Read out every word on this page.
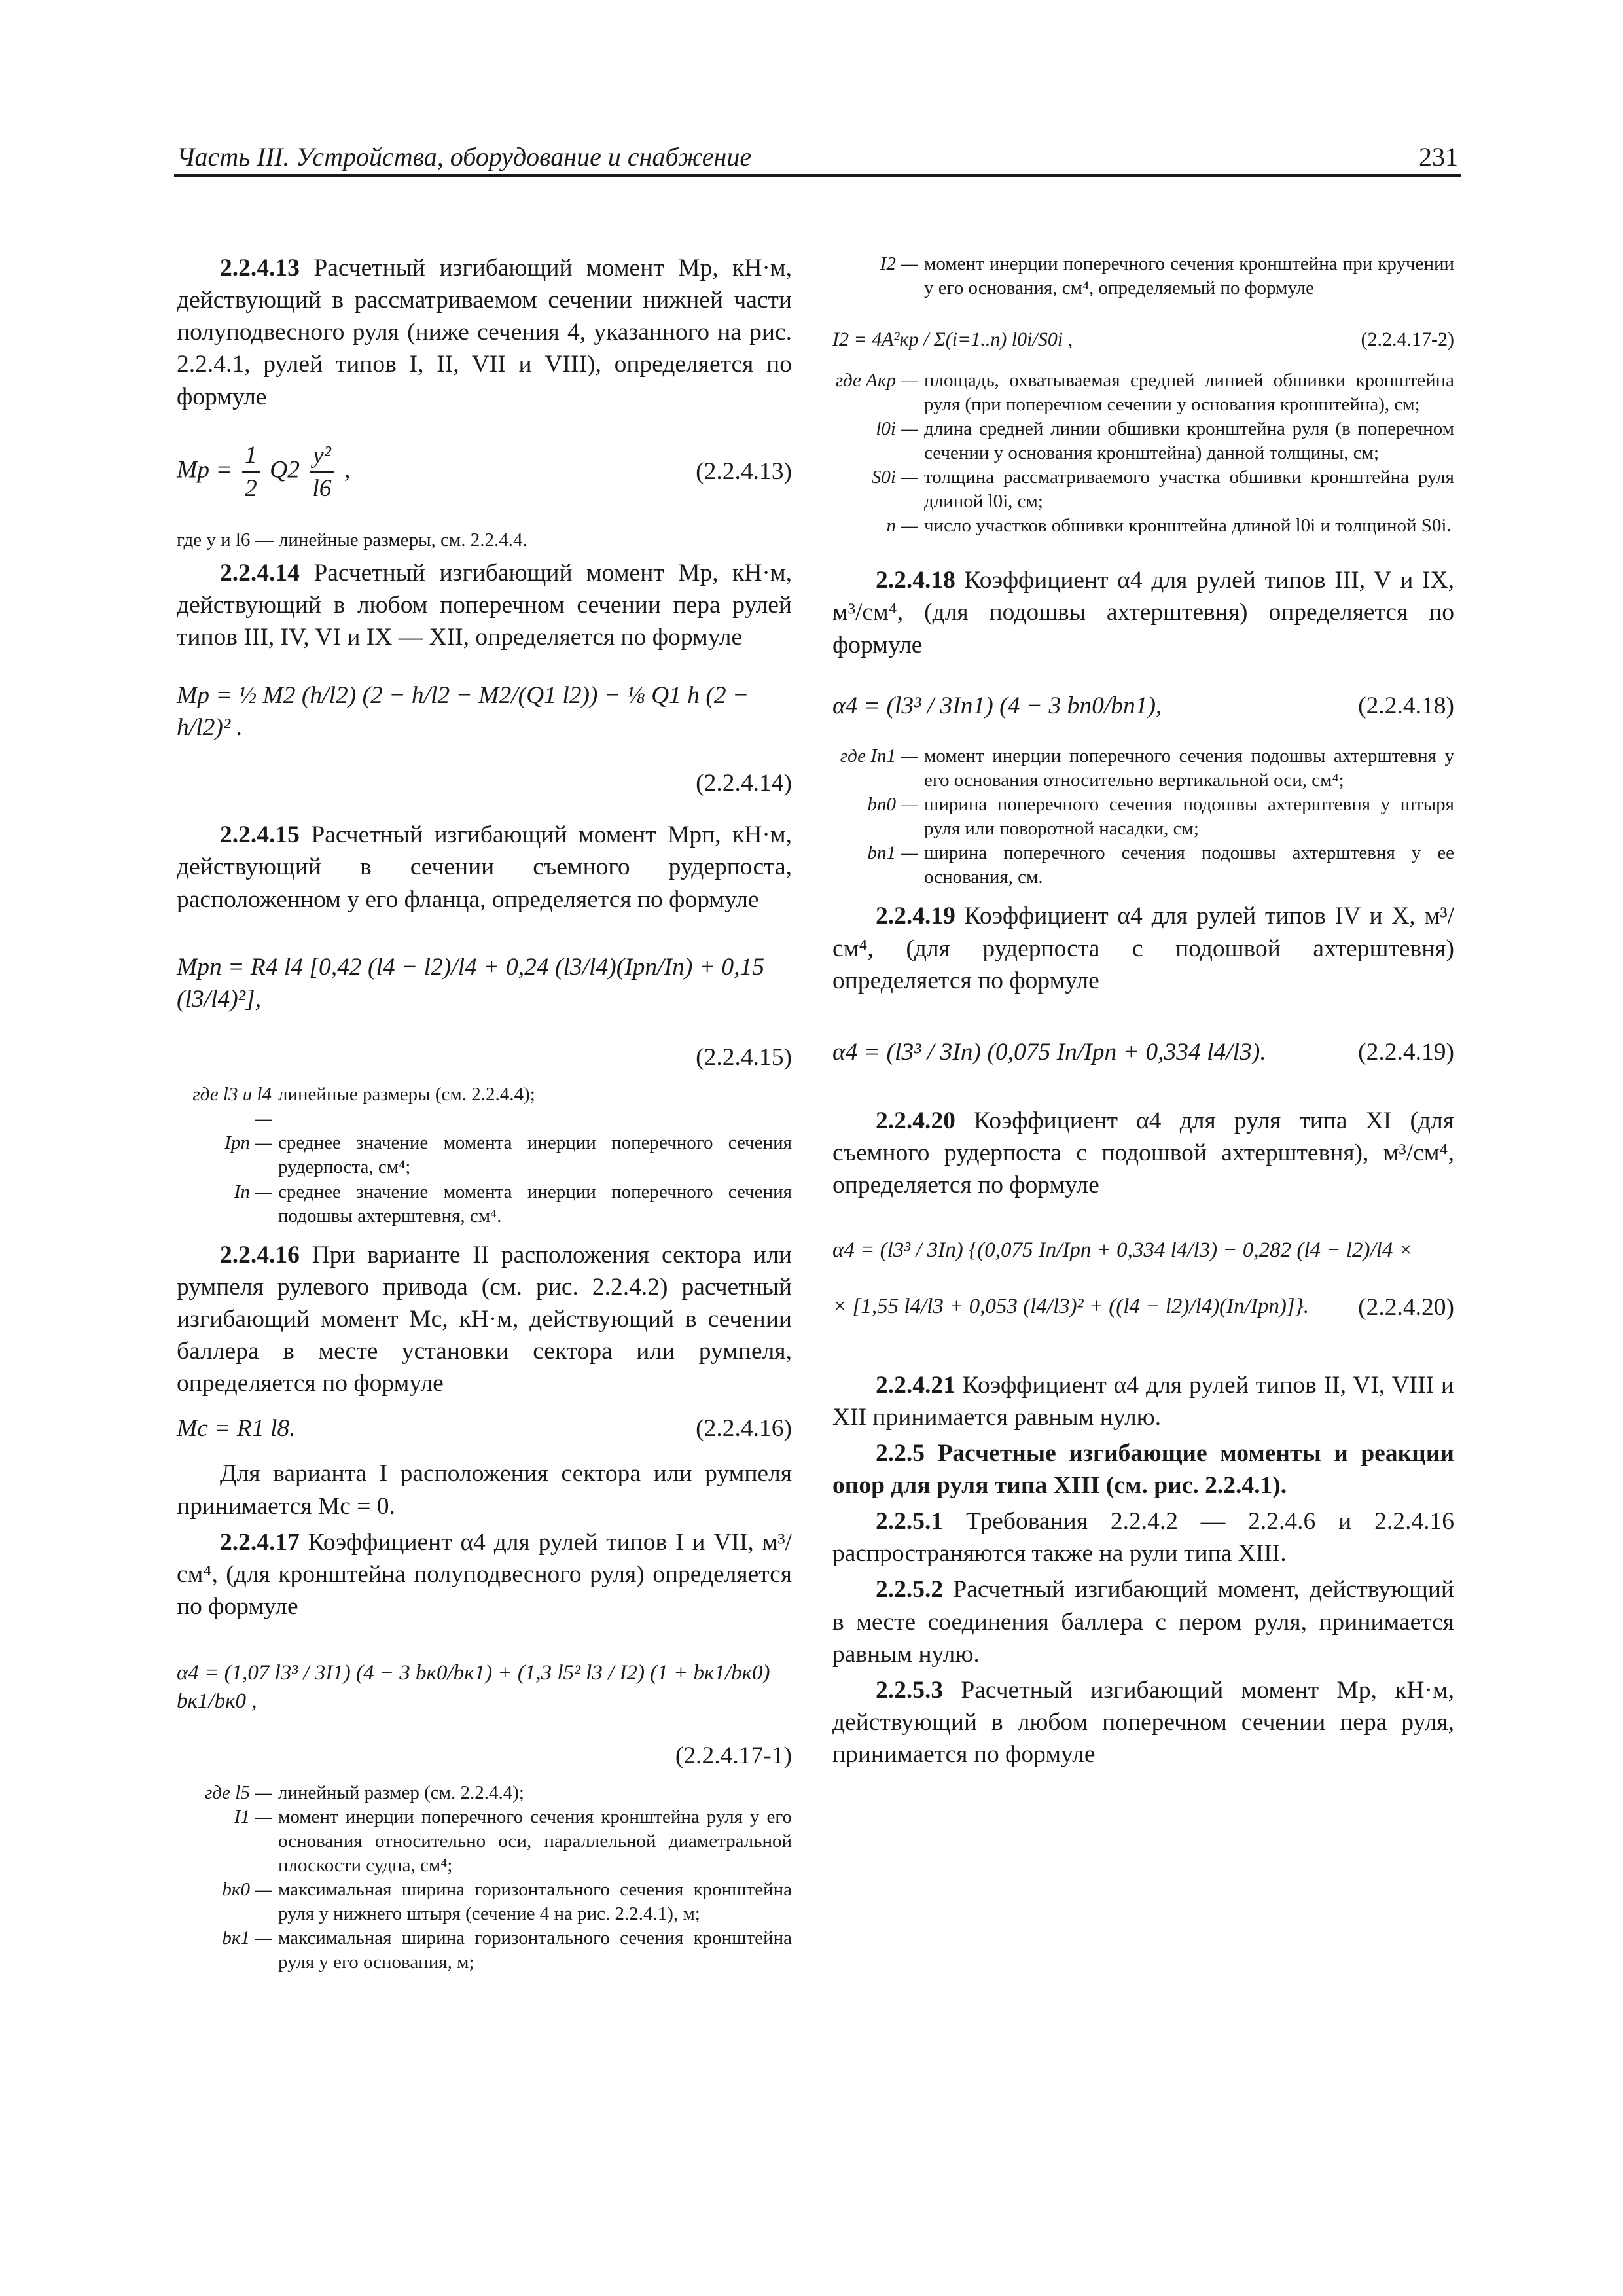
Часть III. Устройства, оборудование и снабжение	231

2.2.4.13 Расчетный изгибающий момент Mр, кН·м, действующий в рассматриваемом сечении нижней части полуподвесного руля (ниже сечения 4, указанного на рис. 2.2.4.1, рулей типов I, II, VII и VIII), определяется по формуле

Mр = $\frac{1}{2} Q2 \frac{\text{y²}}{l6}$ ,	(2.2.4.13)

где y и l6 — линейные размеры, см. 2.2.4.4.

2.2.4.14 Расчетный изгибающий момент Mр, кН·м, действующий в любом поперечном сечении пера рулей типов III, IV, VI и IX — XII, определяется по формуле

Mр = ½ M2 (h/l2) (2 − h/l2 − M2/(Q1 l2)) − ⅛ Q1 h (2 − h/l2)² .

(2.2.4.14)

2.2.4.15 Расчетный изгибающий момент Mрп, кН·м, действующий в сечении съемного рудерпоста, расположенном у его фланца, определяется по формуле

Mрп = R4 l4 [0,42 (l4 − l2)/l4 + 0,24 (l3/l4)(Iрп/Iп) + 0,15 (l3/l4)²],

(2.2.4.15)

где l3 и l4 —
линейные размеры (см. 2.2.4.4);
Iрп — среднее значение момента инерции поперечного сечения рудерпоста, см⁴;
Iп — среднее значение момента инерции поперечного сечения подошвы ахтерштевня, см⁴.

2.2.4.16 При варианте II расположения сектора или румпеля рулевого привода (см. рис. 2.2.4.2) расчетный изгибающий момент Mс, кН·м, действующий в сечении баллера в месте установки сектора или румпеля, определяется по формуле

Mс = R1 l8.	(2.2.4.16)

Для варианта I расположения сектора или румпеля принимается Mс = 0.

2.2.4.17 Коэффициент α4 для рулей типов I и VII, м³/см⁴, (для кронштейна полуподвесного руля) определяется по формуле

α4 = (1,07 l3³ / 3I1) (4 − 3 bк0/bк1) + (1,3 l5² l3 / I2) (1 + bк1/bк0) bк1/bк0 ,

(2.2.4.17-1)

где l5 — линейный размер (см. 2.2.4.4);
I1 — момент инерции поперечного сечения кронштейна руля у его основания относительно оси, параллельной диаметральной плоскости судна, см⁴;
bк0 — максимальная ширина горизонтального сечения кронштейна руля у нижнего штыря (сечение 4 на рис. 2.2.4.1), м;
bк1 — максимальная ширина горизонтального сечения кронштейна руля у его основания, м;
I2 — момент инерции поперечного сечения кронштейна при кручении у его основания, см⁴, определяемый по формуле
I2 = 4A²кр / Σ(i=1..n) l0i/S0i ,	(2.2.4.17-2)
где Aкр — площадь, охватываемая средней линией обшивки кронштейна руля (при поперечном сечении у основания кронштейна), см;
l0i — длина средней линии обшивки кронштейна руля (в поперечном сечении у основания кронштейна) данной толщины, см;
S0i — толщина рассматриваемого участка обшивки кронштейна руля длиной l0i, см;
n — число участков обшивки кронштейна длиной l0i и толщиной S0i.

2.2.4.18 Коэффициент α4 для рулей типов III, V и IX, м³/см⁴, (для подошвы ахтерштевня) определяется по формуле

α4 = (l3³ / 3Iп1) (4 − 3 bп0/bп1),	(2.2.4.18)
где Iп1 — момент инерции поперечного сечения подошвы ахтерштевня у его основания относительно вертикальной оси, см⁴;
bп0 — ширина поперечного сечения подошвы ахтерштевня у штыря руля или поворотной насадки, см;
bп1 — ширина поперечного сечения подошвы ахтерштевня у ее основания, см.

2.2.4.19 Коэффициент α4 для рулей типов IV и X, м³/см⁴, (для рудерпоста с подошвой ахтерштевня) определяется по формуле

α4 = (l3³ / 3Iп) (0,075 Iп/Iрп + 0,334 l4/l3).	(2.2.4.19)

2.2.4.20 Коэффициент α4 для руля типа XI (для съемного рудерпоста с подошвой ахтерштевня), м³/см⁴, определяется по формуле

α4 = (l3³ / 3Iп) {(0,075 Iп/Iрп + 0,334 l4/l3) − 0,282 (l4 − l2)/l4 ×
× [1,55 l4/l3 + 0,053 (l4/l3)² + ((l4 − l2)/l4)(Iп/Iрп)]}. (2.2.4.20)

2.2.4.21 Коэффициент α4 для рулей типов II, VI, VIII и XII принимается равным нулю.

2.2.5 Расчетные изгибающие моменты и реакции опор для руля типа XIII (см. рис. 2.2.4.1).

2.2.5.1 Требования 2.2.4.2 — 2.2.4.6 и 2.2.4.16 распространяются также на рули типа XIII.

2.2.5.2 Расчетный изгибающий момент, действующий в месте соединения баллера с пером руля, принимается равным нулю.

2.2.5.3 Расчетный изгибающий момент Mр, кН·м, действующий в любом поперечном сечении пера руля, принимается по формуле
